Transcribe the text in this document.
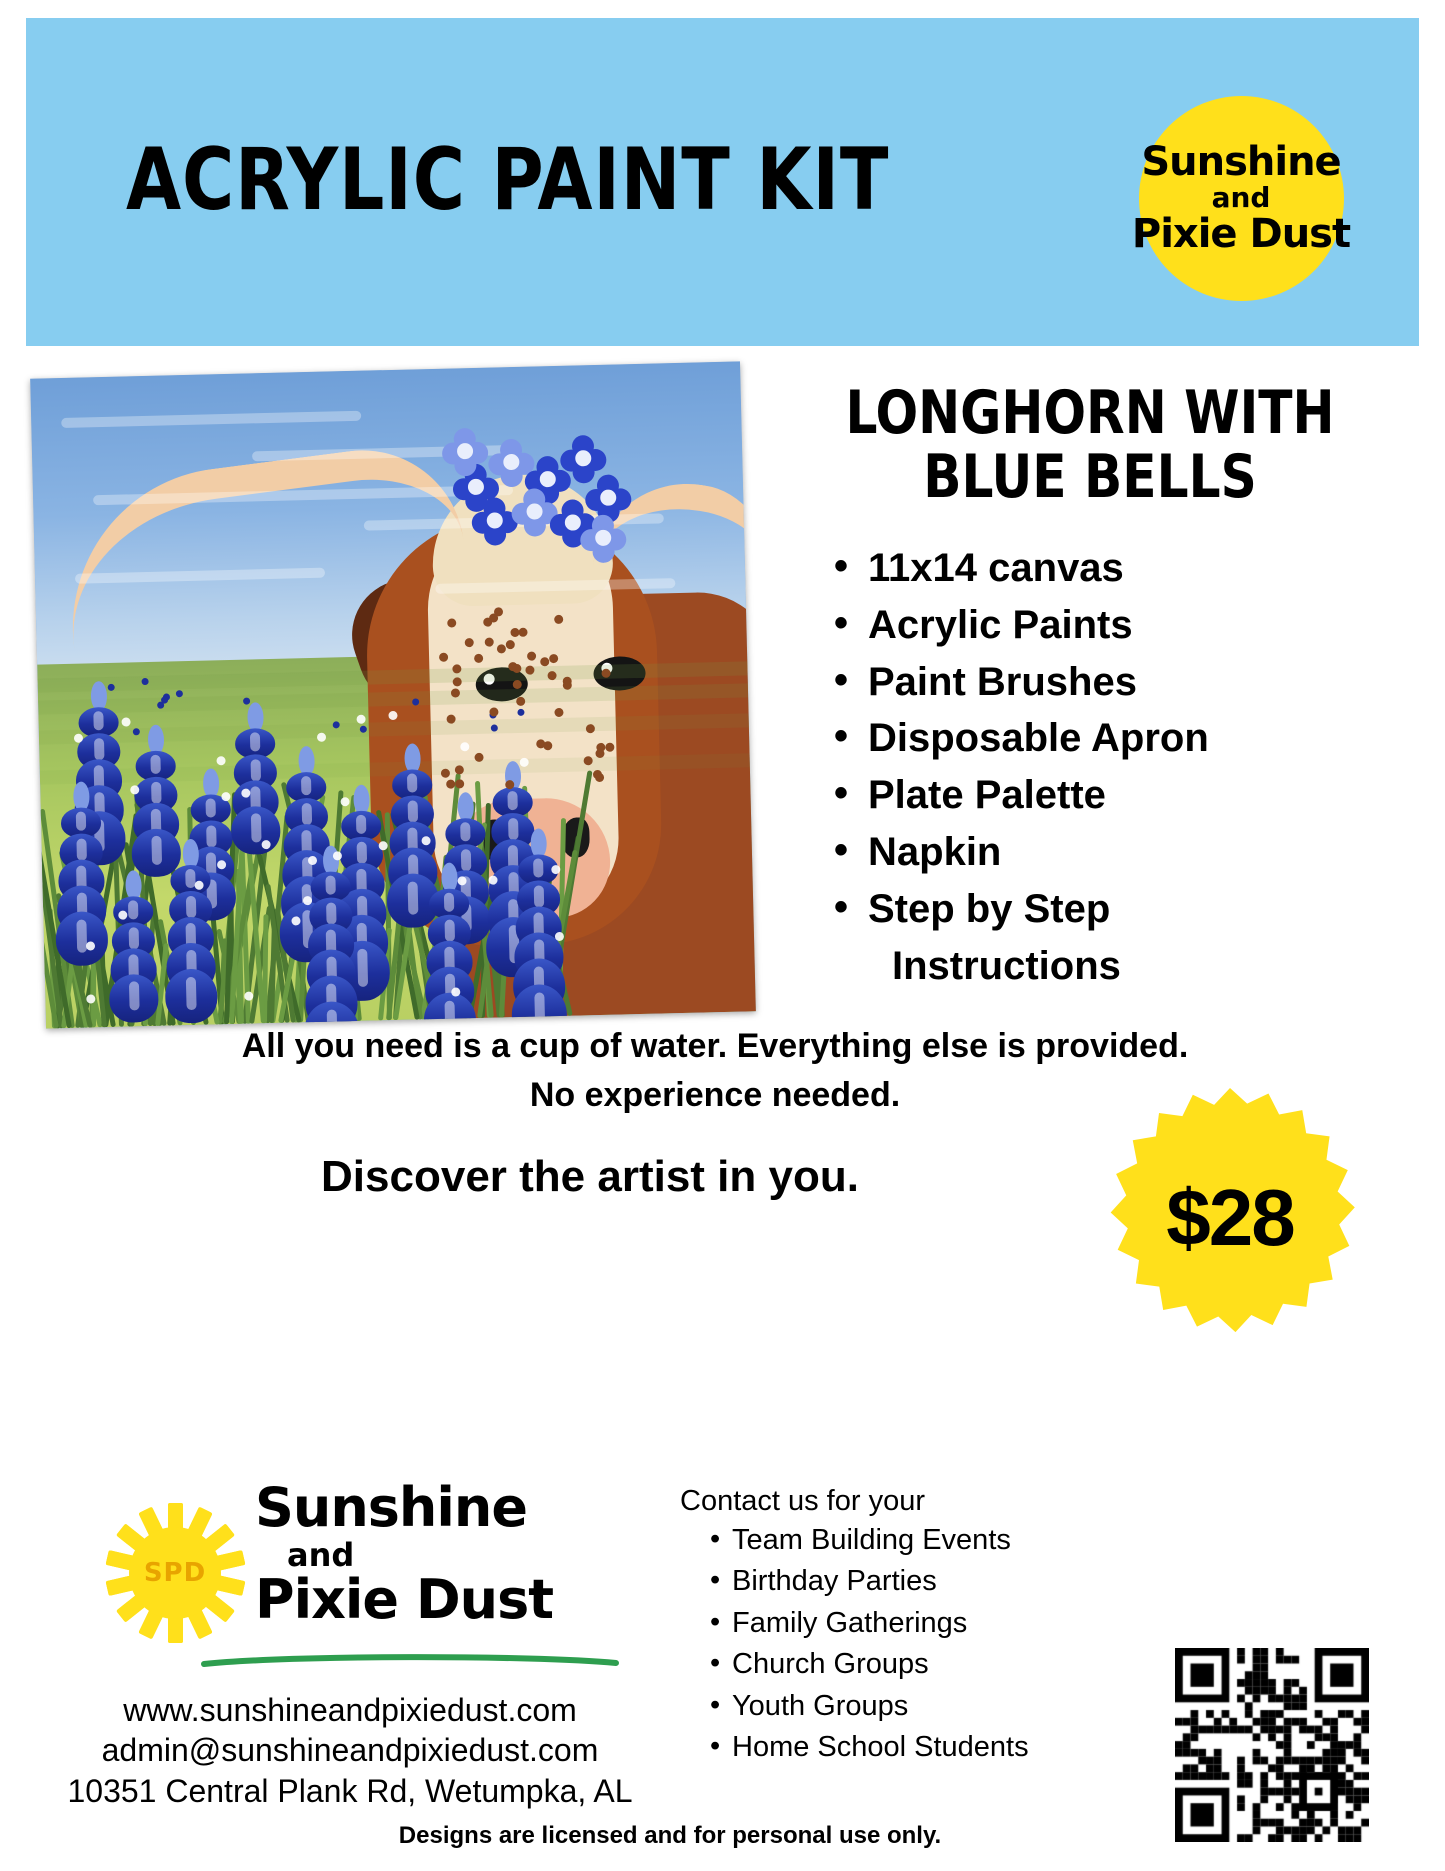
ACRYLIC PAINT KIT	Sunshine
and
Pixie Dust
LONGHORN WITH
BLUE BELLS
• 11x14 canvas
• Acrylic Paints
• Paint Brushes
• Disposable Apron
• Plate Palette
• Napkin
• Step by Step
Instructions
All you need is a cup of water. Everything else is provided.
No experience needed.
Discover the artist in you.	$28
SPD
Sunshine
and
Pixie Dust
Contact us for your
• Team Building Events
• Birthday Parties
• Family Gatherings
• Church Groups
• Youth Groups
• Home School Students
www.sunshineandpixiedust.com
admin@sunshineandpixiedust.com
10351 Central Plank Rd, Wetumpka, AL
Designs are licensed and for personal use only.
